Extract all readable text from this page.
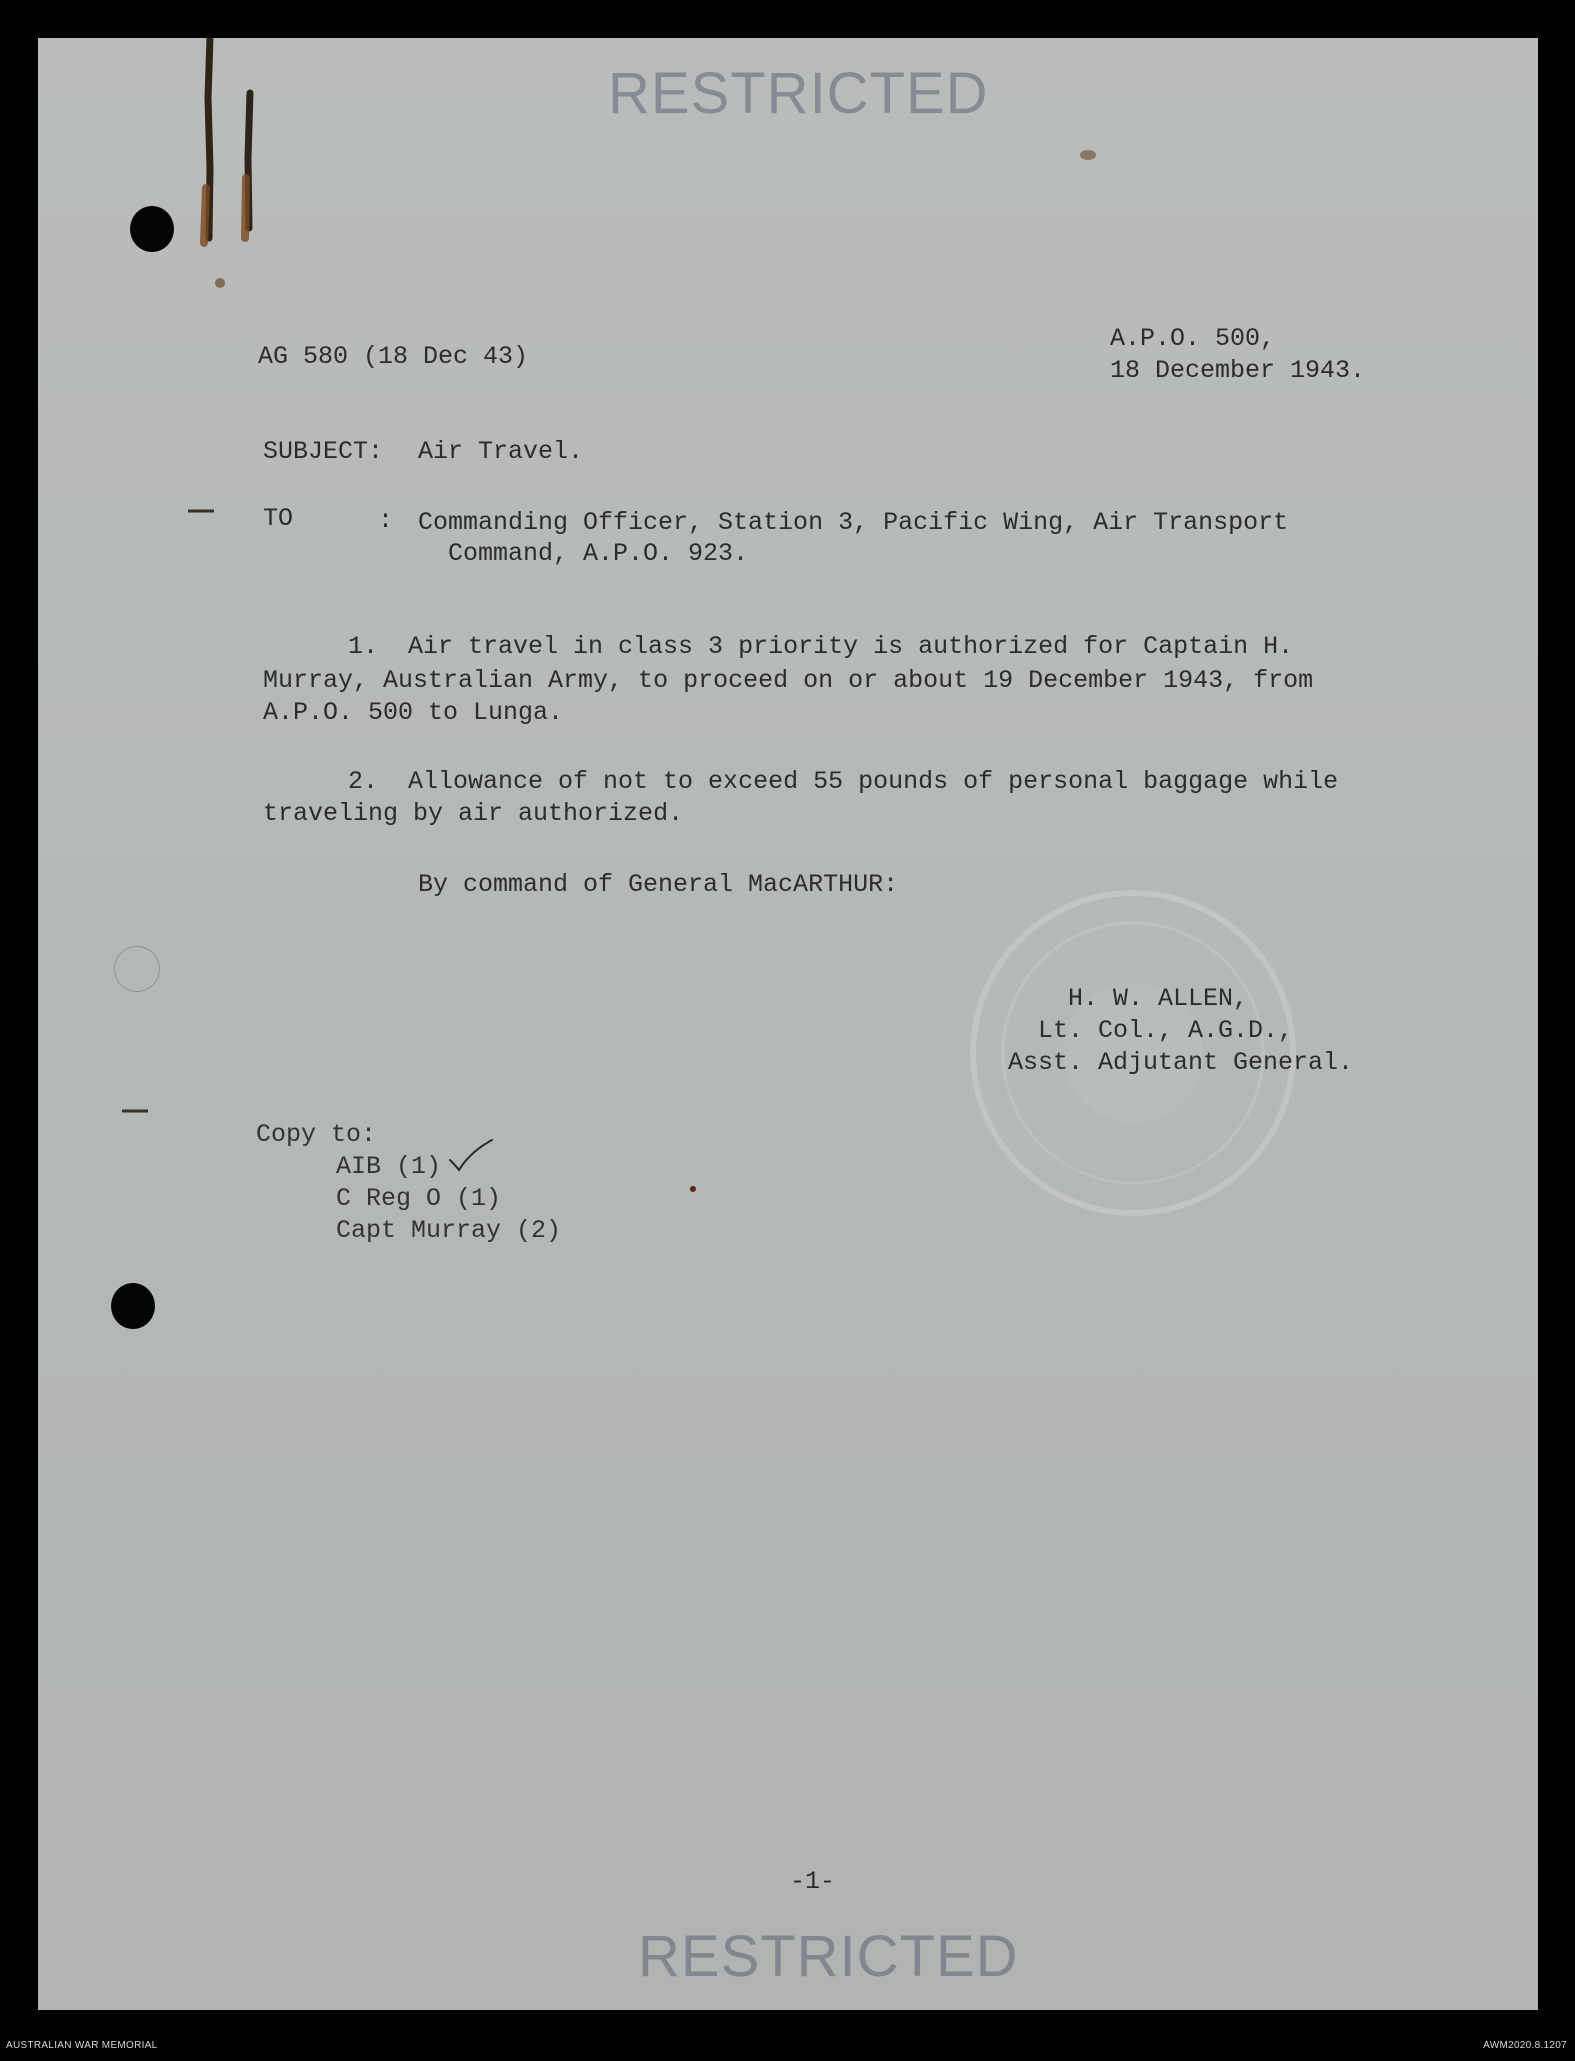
RESTRICTED
AG 580 (18 Dec 43)
A.P.O. 500,
18 December 1943.
SUBJECT: Air Travel.
TO	: Commanding Officer, Station 3, Pacific Wing, Air Transport
Command, A.P.O. 923.
1.  Air travel in class 3 priority is authorized for Captain H.
Murray, Australian Army, to proceed on or about 19 December 1943, from
A.P.O. 500 to Lunga.
2.  Allowance of not to exceed 55 pounds of personal baggage while
traveling by air authorized.
By command of General MacARTHUR:
H. W. ALLEN,
Lt. Col., A.G.D.,
Asst. Adjutant General.
Copy to:
AIB (1)
C Reg O (1)
Capt Murray (2)
-1-
RESTRICTED
AUSTRALIAN WAR MEMORIAL	AWM2020.8.1207
